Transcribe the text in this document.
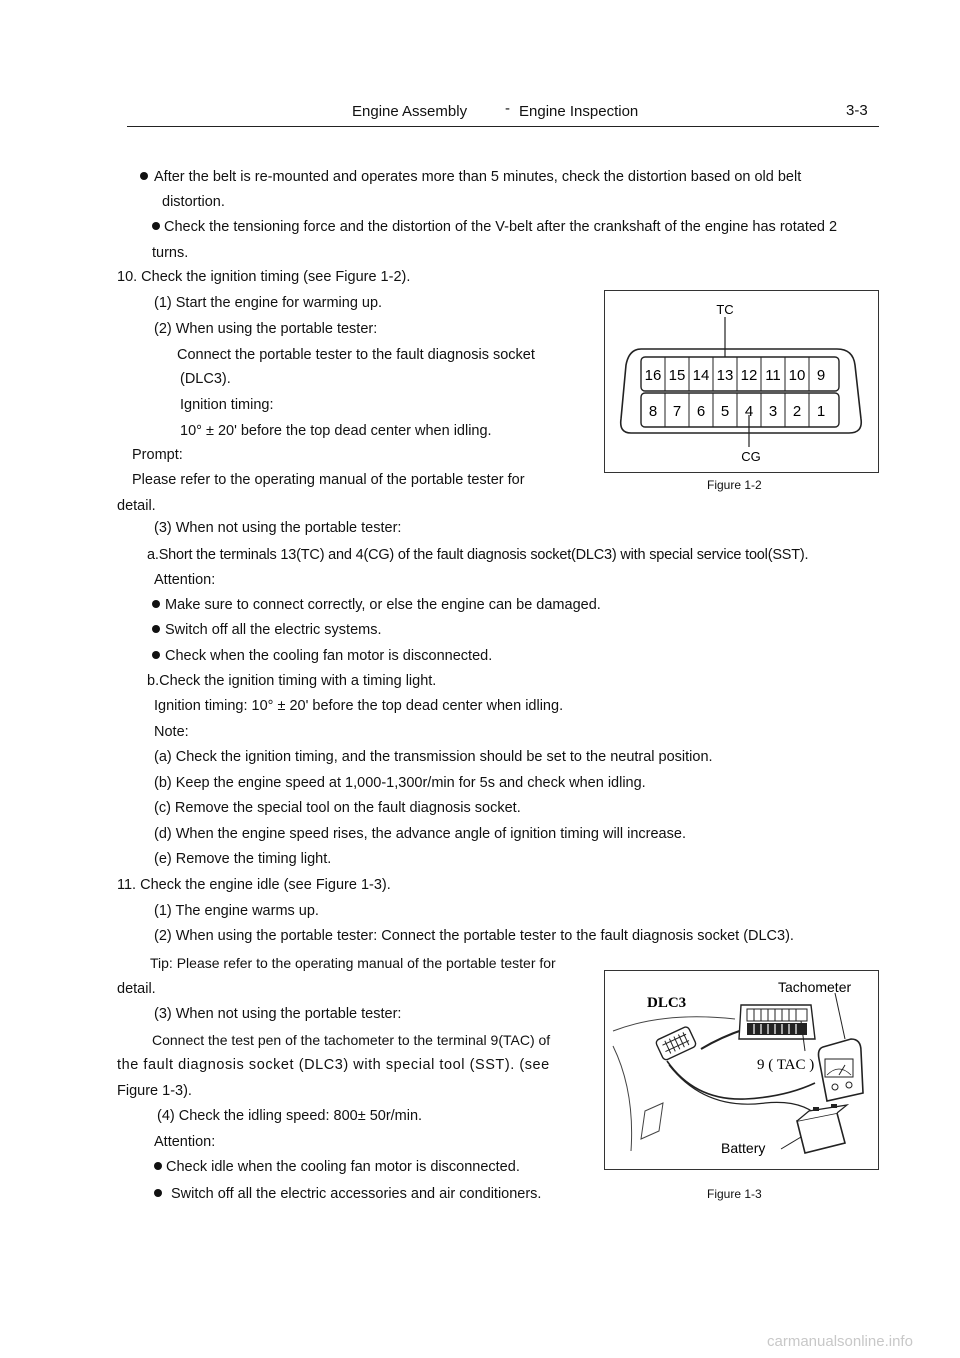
Engine Assembly	- Engine Inspection	3-3
After the belt is re-mounted and operates more than 5 minutes, check the distortion based on old belt
distortion.
Check the tensioning force and the distortion of the V-belt after the crankshaft of the engine has rotated 2
turns.
10. Check the ignition timing (see Figure 1-2).
(1) Start the engine for warming up.
(2) When using the portable tester:
Connect the portable tester to the fault diagnosis socket
(DLC3).
Ignition timing:
10° ± 20' before the top dead center when idling.
Prompt:
Please refer to the operating manual of the portable tester for
detail.
(3) When not using the portable tester:
a.Short the terminals 13(TC) and 4(CG) of the fault diagnosis socket(DLC3) with special service tool(SST).
Attention:
Make sure to connect correctly, or else the engine can be damaged.
Switch off all the electric systems.
Check when the cooling fan motor is disconnected.
b.Check the ignition timing with a timing light.
Ignition timing: 10° ± 20' before the top dead center when idling.
Note:
(a) Check the ignition timing, and the transmission should be set to the neutral position.
(b) Keep the engine speed at 1,000-1,300r/min for 5s and check when idling.
(c) Remove the special tool on the fault diagnosis socket.
(d) When the engine speed rises, the advance angle of ignition timing will increase.
(e) Remove the timing light.
11. Check the engine idle (see Figure 1-3).
(1) The engine warms up.
(2) When using the portable tester: Connect the portable tester to the fault diagnosis socket (DLC3).
Tip: Please refer to the operating manual of the portable tester for
detail.
(3) When not using the portable tester:
Connect the test pen of the tachometer to the terminal 9(TAC) of
the fault diagnosis socket (DLC3) with special tool (SST). (see
Figure 1-3).
(4) Check the idling speed: 800± 50r/min.
Attention:
Check idle when the cooling fan motor is disconnected.
Switch off all the electric accessories and air conditioners.
TC
CG
16 15 14 13 12 11 10 9
8 7 6 5 4 3 2 1
Figure 1-2
DLC3
9 ( TAC )
Tachometer
Battery
Figure 1-3
carmanualsonline.info
